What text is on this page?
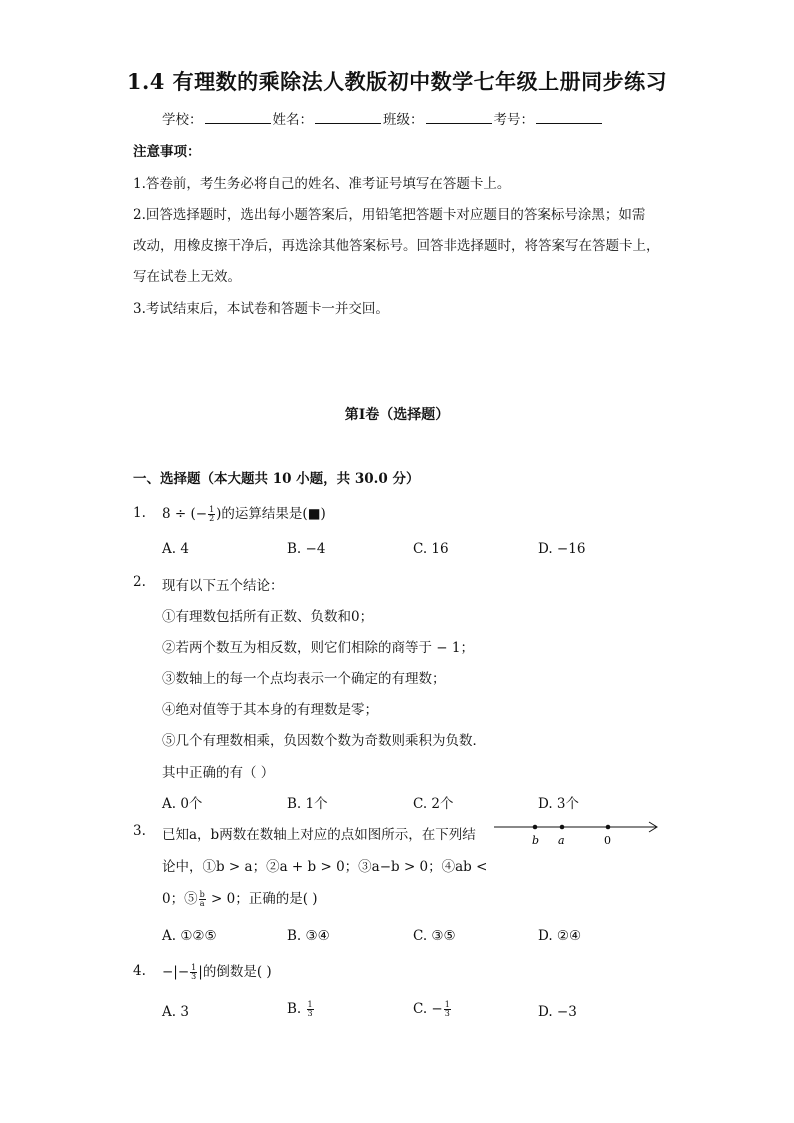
1.4 有理数的乘除法人教版初中数学七年级上册同步练习
学校：	姓名：	班级：	考号：
注意事项：
1.答卷前，考生务必将自己的姓名、准考证号填写在答题卡上。
2.回答选择题时，选出每小题答案后，用铅笔把答题卡对应题目的答案标号涂黑；如需
改动，用橡皮擦干净后，再选涂其他答案标号。回答非选择题时，将答案写在答题卡上，
写在试卷上无效。
3.考试结束后，本试卷和答题卡一并交回。
第I卷（选择题）
一、选择题（本大题共 10 小题，共 30.0 分）
1. 8 ÷ (− $\frac{1}{2}$ )的运算结果是(■)
A. 4	B. −4	C. 16	D. −16
2. 现有以下五个结论：
①有理数包括所有正数、负数和0；
②若两个数互为相反数，则它们相除的商等于 − 1；
③数轴上的每一个点均表示一个确定的有理数；
④绝对值等于其本身的有理数是零；
⑤几个有理数相乘，负因数个数为奇数则乘积为负数．
其中正确的有（ ）
A. 0个	B. 1个	C. 2个	D. 3个
3. 已知a，b两数在数轴上对应的点如图所示，在下列结
论中，①b > a；②a + b > 0；③a−b > 0；④ab <
0；⑤ $\frac{b}{a} > 0$；正确的是( )
b a	0
A. ①②⑤	B. ③④	C. ③⑤	D. ②④
4. −|− $\frac{1}{3}$ |的倒数是( )
A. 3	B. $\frac{1}{3}$	C. − $\frac{1}{3}$	D. −3
